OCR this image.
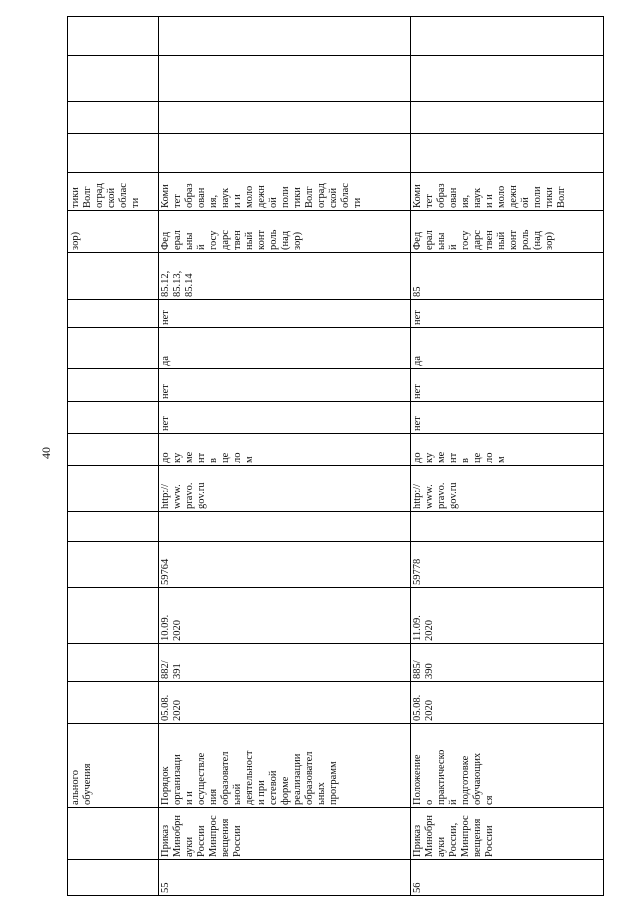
40
тики
Волг
оград
ской
облас
ти
зор)
ального
обучения
55
Приказ
Минобрн
ауки
России
Минпрос
вещения
России
Порядок
организаци
и и
осуществле
ния
образовател
ьной
деятельност
и при
сетевой
форме
реализации
образовател
ьных
программ
05.08.
2020
882/
391
10.09.
2020
59764
http://
www.
pravo.
gov.ru
до
ку
ме
нт
в
це
ло
м
нет
нет
да
нет
85.12,
85.13,
85.14
Фед
ерал
ьны
й
госу
дарс
твен
ный
конт
роль
(над
зор)
Коми
тет
образ
ован
ия,
наук
и и
моло
дежн
ой
поли
тики
Волг
оград
ской
облас
ти
56
Приказ
Минобрн
ауки
России,
Минпрос
вещения
России
Положение
о
практическо
й
подготовке
обучающих
ся
05.08.
2020
885/
390
11.09.
2020
59778
http://
www.
pravo.
gov.ru
до
ку
ме
нт
в
це
ло
м
нет
нет
да
нет
85
Фед
ерал
ьны
й
госу
дарс
твен
ный
конт
роль
(над
зор)
Коми
тет
образ
ован
ия,
наук
и и
моло
дежн
ой
поли
тики
Волг
